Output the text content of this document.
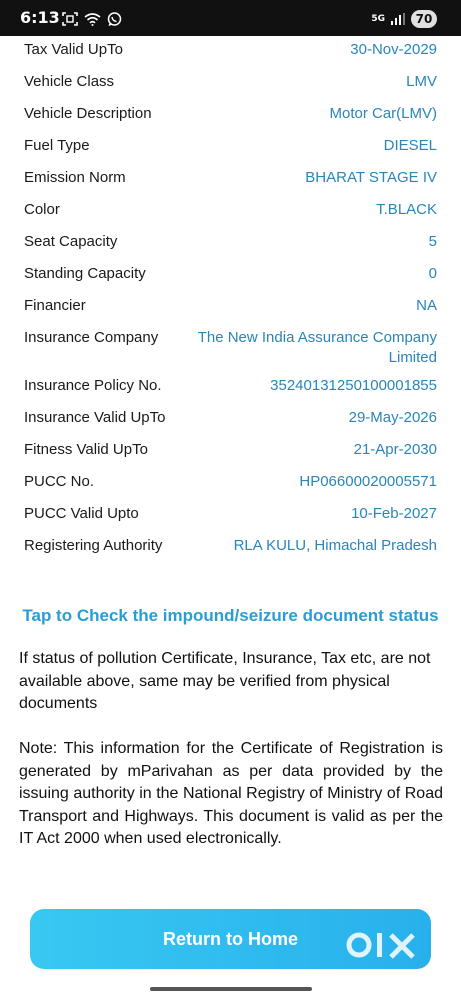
6:13	5G	70
Tax Valid UpTo	30-Nov-2029
Vehicle Class	LMV
Vehicle Description	Motor Car(LMV)
Fuel Type	DIESEL
Emission Norm	BHARAT STAGE IV
Color	T.BLACK
Seat Capacity	5
Standing Capacity	0
Financier	NA
Insurance Company	The New India Assurance Company Limited
Insurance Policy No.	35240131250100001855
Insurance Valid UpTo	29-May-2026
Fitness Valid UpTo	21-Apr-2030
PUCC No.	HP06600020005571
PUCC Valid Upto	10-Feb-2027
Registering Authority	RLA KULU, Himachal Pradesh
Tap to Check the impound/seizure document status
If status of pollution Certificate, Insurance, Tax etc, are not available above, same may be verified from physical documents
Note: This information for the Certificate of Registration is generated by mParivahan as per data provided by the issuing authority in the National Registry of Ministry of Road Transport and Highways. This document is valid as per the IT Act 2000 when used electronically.
Return to Home
